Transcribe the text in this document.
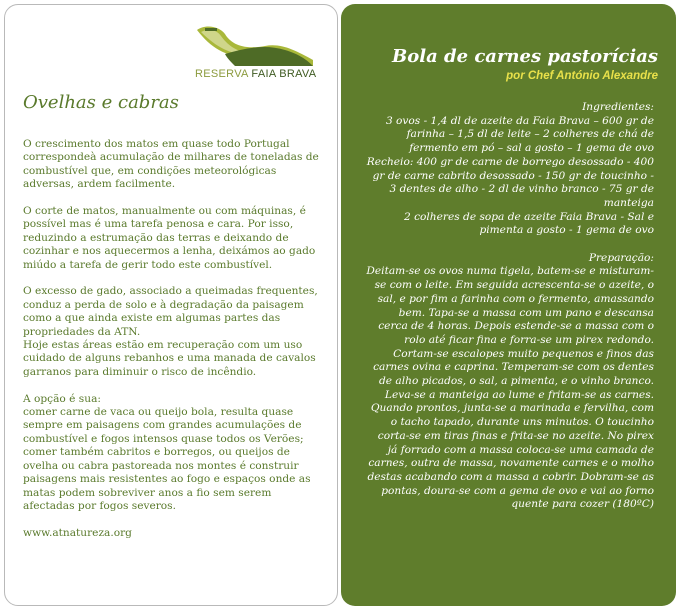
RESERVA FAIA BRAVA
Ovelhas e cabras

O crescimento dos matos em quase todo Portugal correspondeà acumulação de milhares de toneladas de combustível que, em condições meteorológicas adversas, ardem facilmente.

O corte de matos, manualmente ou com máquinas, é possível mas é uma tarefa penosa e cara. Por isso, reduzindo a estrumação das terras e deixando de cozinhar e nos aquecermos a lenha, deixámos ao gado miúdo a tarefa de gerir todo este combustível.

O excesso de gado, associado a queimadas frequentes, conduz a perda de solo e à degradação da paisagem como a que ainda existe em algumas partes das propriedades da ATN.
Hoje estas áreas estão em recuperação com um uso cuidado de alguns rebanhos e uma manada de cavalos garranos para diminuir o risco de incêndio.

A opção é sua:
comer carne de vaca ou queijo bola, resulta quase sempre em paisagens com grandes acumulações de combustível e fogos intensos quase todos os Verões; comer também cabritos e borregos, ou queijos de ovelha ou cabra pastoreada nos montes é construir paisagens mais resistentes ao fogo e espaços onde as matas podem sobreviver anos a fio sem serem afectadas por fogos severos.

www.atnatureza.org

Bola de carnes pastorícias
por Chef António Alexandre

Ingredientes:

3 ovos - 1,4 dl de azeite da Faia Brava – 600 gr de farinha – 1,5 dl de leite – 2 colheres de chá de fermento em pó – sal a gosto – 1 gema de ovo

Recheio: 400 gr de carne de borrego desossado - 400 gr de carne cabrito desossado - 150 gr de toucinho - 3 dentes de alho - 2 dl de vinho branco - 75 gr de manteiga

2 colheres de sopa de azeite Faia Brava - Sal e pimenta a gosto - 1 gema de ovo

Preparação:

Deitam-se os ovos numa tigela, batem-se e misturam-se com o leite. Em seguida acrescenta-se o azeite, o sal, e por fim a farinha com o fermento, amassando bem. Tapa-se a massa com um pano e descansa cerca de 4 horas. Depois estende-se a massa com o rolo até ficar fina e forra-se um pirex redondo. Cortam-se escalopes muito pequenos e finos das carnes ovina e caprina. Temperam-se com os dentes de alho picados, o sal, a pimenta, e o vinho branco. Leva-se a manteiga ao lume e fritam-se as carnes. Quando prontos, junta-se a marinada e fervilha, com o tacho tapado, durante uns minutos. O toucinho corta-se em tiras finas e frita-se no azeite. No pirex já forrado com a massa coloca-se uma camada de carnes, outra de massa, novamente carnes e o molho destas acabando com a massa a cobrir. Dobram-se as pontas, doura-se com a gema de ovo e vai ao forno quente para cozer (180ºC)
